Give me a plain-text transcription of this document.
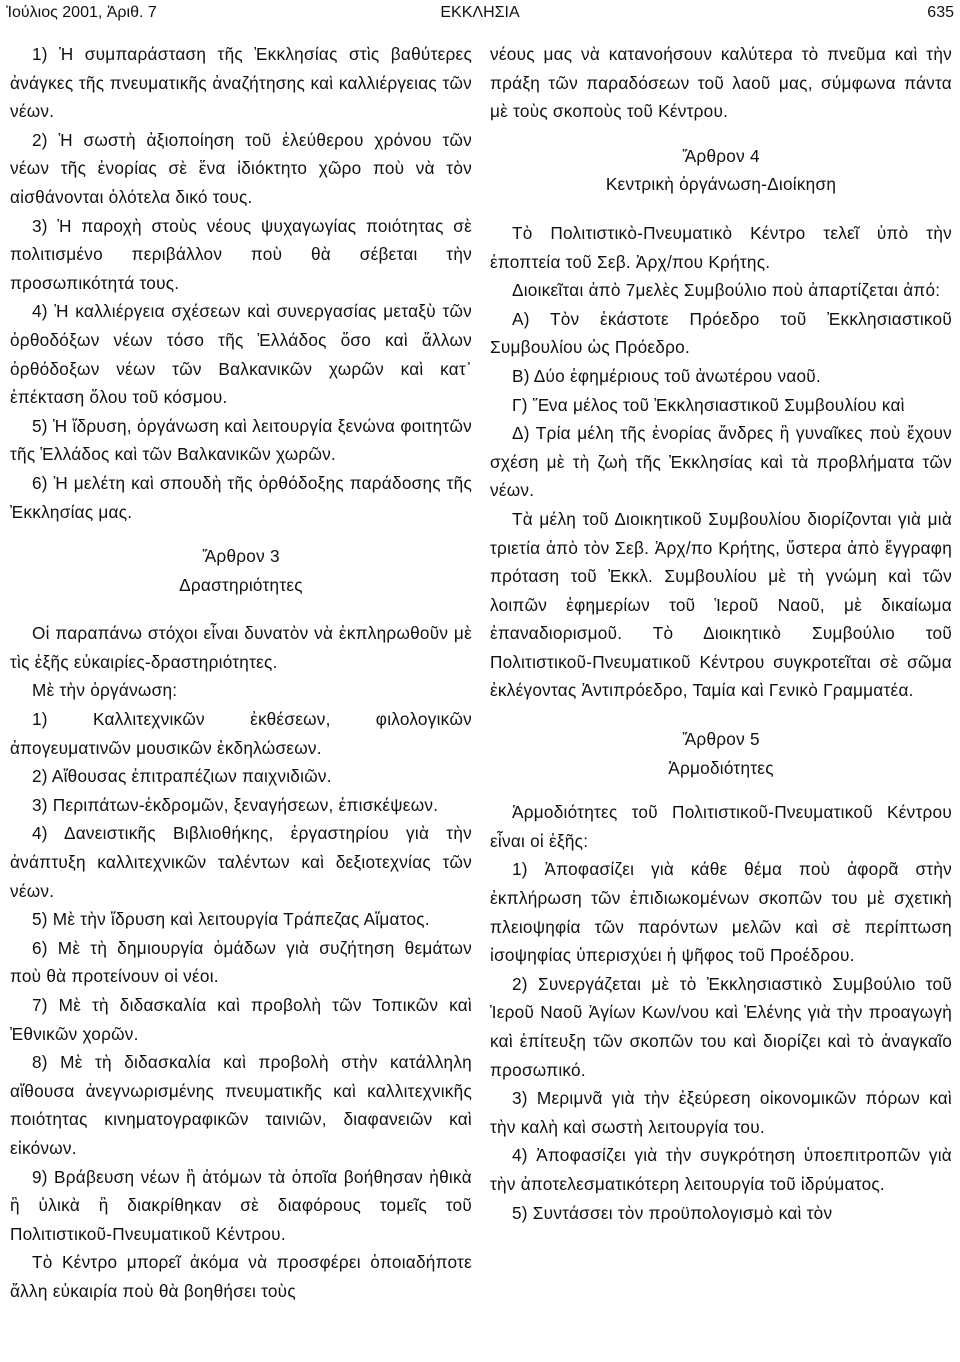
Ἰούλιος 2001, Ἀριθ. 7	ΕΚΚΛΗΣΙΑ	635

1) Ἡ συμπαράσταση τῆς Ἐκκλησίας στὶς βαθύτερες ἀνάγκες τῆς πνευματικῆς ἀναζήτησης καὶ καλλιέργειας τῶν νέων.

2) Ἡ σωστὴ ἀξιοποίηση τοῦ ἐλεύθερου χρόνου τῶν νέων τῆς ἐνορίας σὲ ἕνα ἰδιόκτητο χῶρο ποὺ νὰ τὸν αἰσθάνονται ὁλότελα δικό τους.

3) Ἡ παροχὴ στοὺς νέους ψυχαγωγίας ποιότητας σὲ πολιτισμένο περιβάλλον ποὺ θὰ σέβεται τὴν προσωπικότητά τους.

4) Ἡ καλλιέργεια σχέσεων καὶ συνεργασίας μεταξὺ τῶν ὀρθοδόξων νέων τόσο τῆς Ἑλλάδος ὅσο καὶ ἄλλων ὀρθόδοξων νέων τῶν Βαλκανικῶν χωρῶν καὶ κατ᾿ ἐπέκταση ὅλου τοῦ κόσμου.

5) Ἡ ἵδρυση, ὀργάνωση καὶ λειτουργία ξενώνα φοιτητῶν τῆς Ἑλλάδος καὶ τῶν Βαλκανικῶν χωρῶν.

6) Ἡ μελέτη καὶ σπουδὴ τῆς ὀρθόδοξης παράδοσης τῆς Ἐκκλησίας μας.

Ἄρθρον 3

Δραστηριότητες

Οἱ παραπάνω στόχοι εἶναι δυνατὸν νὰ ἐκπληρωθοῦν μὲ τὶς ἑξῆς εὐκαιρίες-δραστηριότητες.

Μὲ τὴν ὀργάνωση:

1) Καλλιτεχνικῶν ἐκθέσεων, φιλολογικῶν ἀπογευματινῶν μουσικῶν ἐκδηλώσεων.

2) Αἴθουσας ἐπιτραπέζιων παιχνιδιῶν.

3) Περιπάτων-ἐκδρομῶν, ξεναγήσεων, ἐπισκέψεων.

4) Δανειστικῆς Βιβλιοθήκης, ἐργαστηρίου γιὰ τὴν ἀνάπτυξη καλλιτεχνικῶν ταλέντων καὶ δεξιοτεχνίας τῶν νέων.

5) Μὲ τὴν ἵδρυση καὶ λειτουργία Τράπεζας Αἵματος.

6) Μὲ τὴ δημιουργία ὁμάδων γιὰ συζήτηση θεμάτων ποὺ θὰ προτείνουν οἱ νέοι.

7) Μὲ τὴ διδασκαλία καὶ προβολὴ τῶν Τοπικῶν καὶ Ἐθνικῶν χορῶν.

8) Μὲ τὴ διδασκαλία καὶ προβολὴ στὴν κατάλληλη αἴθουσα ἀνεγνωρισμένης πνευματικῆς καὶ καλλιτεχνικῆς ποιότητας κινηματογραφικῶν ταινιῶν, διαφανειῶν καὶ εἰκόνων.

9) Βράβευση νέων ἢ ἀτόμων τὰ ὁποῖα βοήθησαν ἠθικὰ ἢ ὑλικὰ ἢ διακρίθηκαν σὲ διαφόρους τομεῖς τοῦ Πολιτιστικοῦ-Πνευματικοῦ Κέντρου.

Τὸ Κέντρο μπορεῖ ἀκόμα νὰ προσφέρει ὁποιαδήποτε ἄλλη εὐκαιρία ποὺ θὰ βοηθήσει τοὺς

νέους μας νὰ κατανοήσουν καλύτερα τὸ πνεῦμα καὶ τὴν πράξη τῶν παραδόσεων τοῦ λαοῦ μας, σύμφωνα πάντα μὲ τοὺς σκοποὺς τοῦ Κέντρου.

Ἄρθρον 4

Κεντρικὴ ὀργάνωση-Διοίκηση

Τὸ Πολιτιστικὸ-Πνευματικὸ Κέντρο τελεῖ ὑπὸ τὴν ἐποπτεία τοῦ Σεβ. Ἀρχ/που Κρήτης.

Διοικεῖται ἀπὸ 7μελὲς Συμβούλιο ποὺ ἀπαρτίζεται ἀπό:

Α) Τὸν ἑκάστοτε Πρόεδρο τοῦ Ἐκκλησιαστικοῦ Συμβουλίου ὡς Πρόεδρο.

Β) Δύο ἐφημέριους τοῦ ἀνωτέρου ναοῦ.

Γ) Ἕνα μέλος τοῦ Ἐκκλησιαστικοῦ Συμβουλίου καὶ

Δ) Τρία μέλη τῆς ἐνορίας ἄνδρες ἢ γυναῖκες ποὺ ἔχουν σχέση μὲ τὴ ζωὴ τῆς Ἐκκλησίας καὶ τὰ προβλήματα τῶν νέων.

Τὰ μέλη τοῦ Διοικητικοῦ Συμβουλίου διορίζονται γιὰ μιὰ τριετία ἀπὸ τὸν Σεβ. Ἀρχ/πο Κρήτης, ὕστερα ἀπὸ ἔγγραφη πρόταση τοῦ Ἐκκλ. Συμβουλίου μὲ τὴ γνώμη καὶ τῶν λοιπῶν ἐφημερίων τοῦ Ἱεροῦ Ναοῦ, μὲ δικαίωμα ἐπαναδιορισμοῦ. Τὸ Διοικητικὸ Συμβούλιο τοῦ Πολιτιστικοῦ-Πνευματικοῦ Κέντρου συγκροτεῖται σὲ σῶμα ἐκλέγοντας Ἀντιπρόεδρο, Ταμία καὶ Γενικὸ Γραμματέα.

Ἄρθρον 5

Ἁρμοδιότητες

Ἁρμοδιότητες τοῦ Πολιτιστικοῦ-Πνευματικοῦ Κέντρου εἶναι οἱ ἑξῆς:

1) Ἀποφασίζει γιὰ κάθε θέμα ποὺ ἀφορᾶ στὴν ἐκπλήρωση τῶν ἐπιδιωκομένων σκοπῶν του μὲ σχετικὴ πλειοψηφία τῶν παρόντων μελῶν καὶ σὲ περίπτωση ἰσοψηφίας ὑπερισχύει ἡ ψῆφος τοῦ Προέδρου.

2) Συνεργάζεται μὲ τὸ Ἐκκλησιαστικὸ Συμβούλιο τοῦ Ἱεροῦ Ναοῦ Ἁγίων Κων/νου καὶ Ἑλένης γιὰ τὴν προαγωγὴ καὶ ἐπίτευξη τῶν σκοπῶν του καὶ διορίζει καὶ τὸ ἀναγκαῖο προσωπικό.

3) Μεριμνᾶ γιὰ τὴν ἐξεύρεση οἰκονομικῶν πόρων καὶ τὴν καλὴ καὶ σωστὴ λειτουργία του.

4) Ἀποφασίζει γιὰ τὴν συγκρότηση ὑποεπιτροπῶν γιὰ τὴν ἀποτελεσματικότερη λειτουργία τοῦ ἱδρύματος.

5) Συντάσσει τὸν προϋπολογισμὸ καὶ τὸν
